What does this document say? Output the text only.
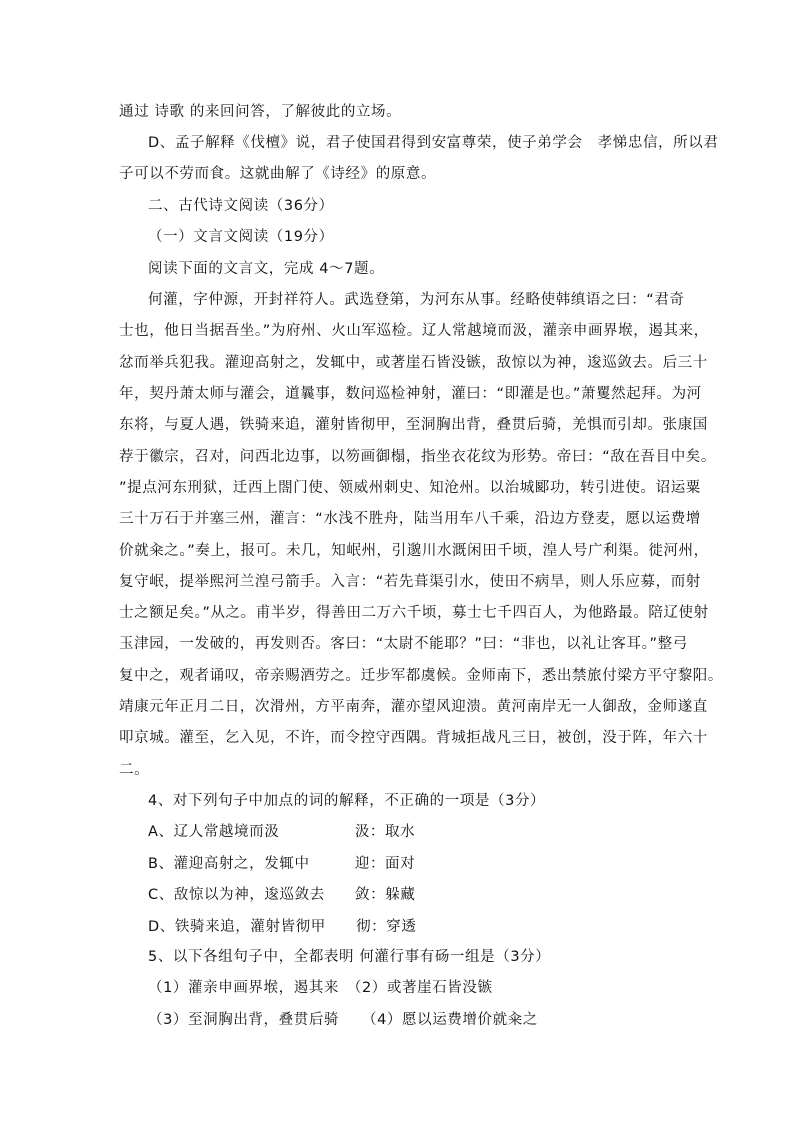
通过 诗歌 的来回问答，了解彼此的立场。
D、孟子解释《伐檀》说，君子使国君得到安富尊荣，使子弟学会　孝悌忠信，所以君
子可以不劳而食。这就曲解了《诗经》的原意。
二、古代诗文阅读（36分）
（一）文言文阅读（19分）
阅读下面的文言文，完成 4～7题。
何灌，字仲源，开封祥符人。武选登第，为河东从事。经略使韩缜语之曰：“君奇
士也，他日当据吾坐。”为府州、火山军巡检。辽人常越境而汲，灌亲申画界堠，遏其来，
忿而举兵犯我。灌迎高射之，发辄中，或著崖石皆没镞，敌惊以为神，逡巡敛去。后三十
年，契丹萧太师与灌会，道曩事，数问巡检神射，灌曰：“即灌是也。”萧矍然起拜。为河
东将，与夏人遇，铁骑来追，灌射皆彻甲，至洞胸出背，叠贯后骑，羌惧而引却。张康国
荐于徽宗，召对，问西北边事，以笏画御榻，指坐衣花纹为形势。帝曰：“敌在吾目中矣。
”提点河东刑狱，迁西上閤门使、领威州刺史、知沧州。以治城郾功，转引进使。诏运粟
三十万石于并塞三州，灌言：“水浅不胜舟，陆当用车八千乘，沿边方登麦，愿以运费增
价就籴之。”奏上，报可。未几，知岷州，引邈川水溉闲田千顷，湟人号广利渠。徙河州，
复守岷，提举熙河兰湟弓箭手。入言：“若先葺渠引水，使田不病旱，则人乐应募，而射
士之额足矣。”从之。甫半岁，得善田二万六千顷，募士七千四百人，为他路最。陪辽使射
玉津园，一发破的，再发则否。客曰：“太尉不能耶？”曰：“非也，以礼让客耳。”整弓
复中之，观者诵叹，帝亲赐酒劳之。迁步军都虞候。金师南下，悉出禁旅付梁方平守黎阳。
靖康元年正月二日，次滑州，方平南奔，灌亦望风迎溃。黄河南岸无一人御敌，金师遂直
叩京城。灌至，乞入见，不许，而令控守西隅。背城拒战凡三日，被创，没于阵，年六十
二。
4、对下列句子中加点的词的解释，不正确的一项是（3分）
A、辽人常越境而汲　　　　　汲：取水
B、灌迎高射之，发辄中　　　迎：面对
C、敌惊以为神，逡巡敛去　　敛：躲藏
D、铁骑来追，灌射皆彻甲　　彻：穿透
5、以下各组句子中，全都表明 何灌行事有砀一组是（3分）
（1）灌亲申画界堠，遏其来　（2）或著崖石皆没镞
（3）至洞胸出背，叠贯后骑　　（4）愿以运费增价就籴之
